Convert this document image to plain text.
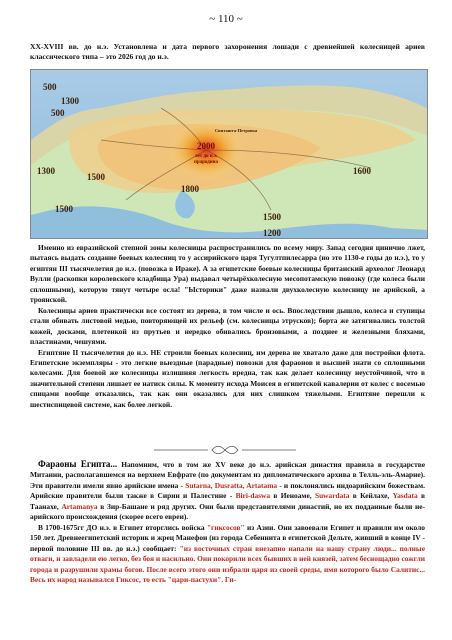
~ 110 ~
XX-XVIII вв. до н.э. Установлена и дата первого захоронения лошади с древнейшей колесницей ариев классического типа – это 2026 год до н.э.
500
500
1300
1300
1500
1500
1800
1600
1500
1200
2000
лет до н.э.
прародина
Синташта-Петровка

Именно из евразийской степной зоны колесницы распространились по всему миру. Запад сегодня цинично лжет, пытаясь выдать создание боевых колесниц то у ассирийского царя Тугултпилесарра (но это 1130-е годы до н.э.), то у египтян III тысячелетия до н.э. (повозка в Ираке). А за египетские боевые колесницы британский археолог Леонард Вулли (раскопки королевского кладбища Ура) выдавал четырёхколесную месопотамскую повозку (где колеса были сплошными), которую тянут четыре осла! "Ысторики" даже назвали двухколесную колесницу не арийской, а троянской.

Колесницы ариев практически все состоят из дерева, в том числе и ось. Впоследствии дышло, колеса и ступицы стали обивать листовой медью, повторяющей их рельеф (см. колесницы этрусков); борта же затягивались толстой кожей, досками, плетенкой из прутьев и нередко обивались бронзовыми, а позднее и железными бляхами, пластинами, чешуями.

Египтяне II тысячелетия до н.э. НЕ строили боевых колесниц, им дерева не хватало даже для постройки флота. Египетские экземпляры - это легкие выездные (парадные) повозки для фараонов и высшей знати со сплошными колесами. Для боевой же колесницы излишняя легкость вредна, так как делает колесницу неустойчивой, что в значительной степени лишает ее натиск силы. К моменту исхода Моисея в египетской кавалерии от колес с восемью спицами вообще отказались, так как они оказались для них слишком тяжелыми. Египтяне перешли к шестиспицевой системе, как более легкой.

Фараоны Египта... Напомним, что в том же XV веке до н.э. арийская династия правила в государстве Митанни, располагавшемся на верхнем Евфрате (по документам из дипломатического архива в Телль-эль-Амарне). Эти правители имели явно арийские имена - Sutarna, Dusratta, Artatama - и поклонялись индоарийским божествам. Арийские правители были также в Сирии и Палестине - Biri-daswa в Иеноаме, Suwardata в Кейлахе, Yasdata в Таанахе, Artamanya в Зир-Башане и ряд других. Они были представителями династий, но их подданные были не-арийского происхождения (скорее всего евреи).

В 1700-1675гг ДО н.э. в Египет вторглись войска "гиксосов" из Азии. Они завоевали Египет и правили им около 150 лет. Древнеегипетский историк и жрец Манефон (из города Себеннита в египетской Дельте, живший в конце IV - первой половине III вв. до н.э.) сообщает: "из восточных стран внезапно напали на нашу страну люди... полные отваги, и завладели ею легко, без боя и насильно. Они покорили всех бывших в ней князей, затем беснощадно сожгли города и разрушили храмы богов. После всего этого они избрали царя из своей среды, имя которого было Салитис... Весь их народ назывался Гиксос, то есть "цари-пастухи". Ги-
